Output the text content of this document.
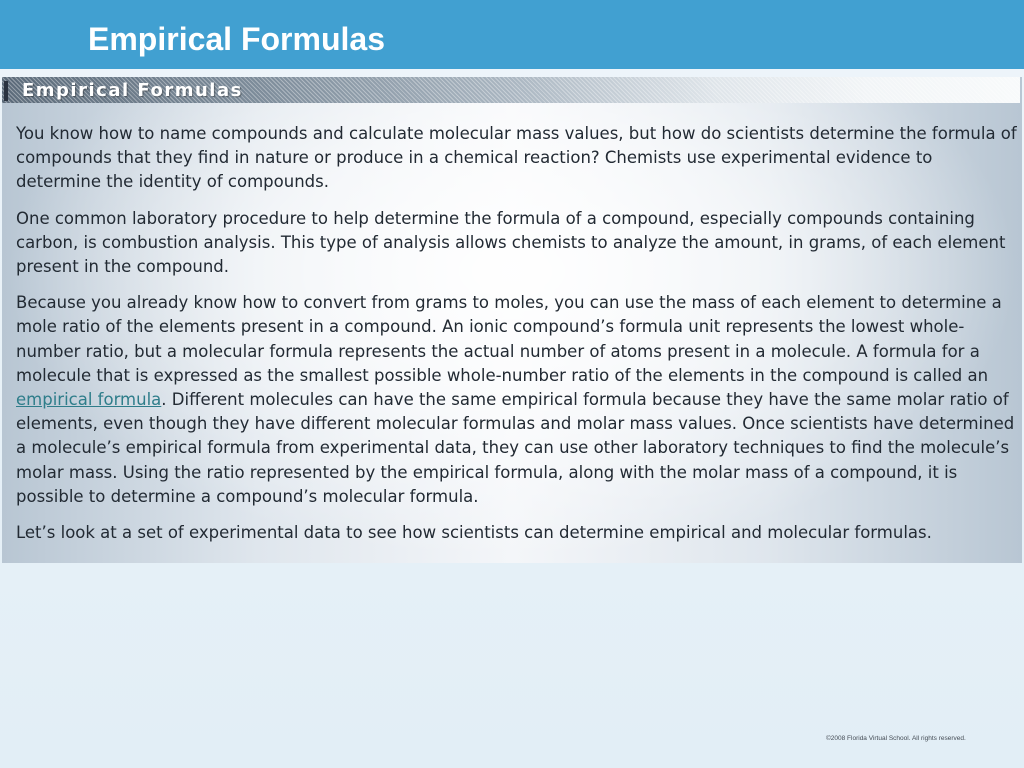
Empirical Formulas
Empirical Formulas

You know how to name compounds and calculate molecular mass values, but how do scientists determine the formula of compounds that they find in nature or produce in a chemical reaction? Chemists use experimental evidence to determine the identity of compounds.

One common laboratory procedure to help determine the formula of a compound, especially compounds containing carbon, is combustion analysis. This type of analysis allows chemists to analyze the amount, in grams, of each element present in the compound.

Because you already know how to convert from grams to moles, you can use the mass of each element to determine a mole ratio of the elements present in a compound. An ionic compound’s formula unit represents the lowest whole-number ratio, but a molecular formula represents the actual number of atoms present in a molecule. A formula for a molecule that is expressed as the smallest possible whole-number ratio of the elements in the compound is called an empirical formula. Different molecules can have the same empirical formula because they have the same molar ratio of elements, even though they have different molecular formulas and molar mass values. Once scientists have determined a molecule’s empirical formula from experimental data, they can use other laboratory techniques to find the molecule’s molar mass. Using the ratio represented by the empirical formula, along with the molar mass of a compound, it is possible to determine a compound’s molecular formula.

Let’s look at a set of experimental data to see how scientists can determine empirical and molecular formulas.

©2008 Florida Virtual School. All rights reserved.
